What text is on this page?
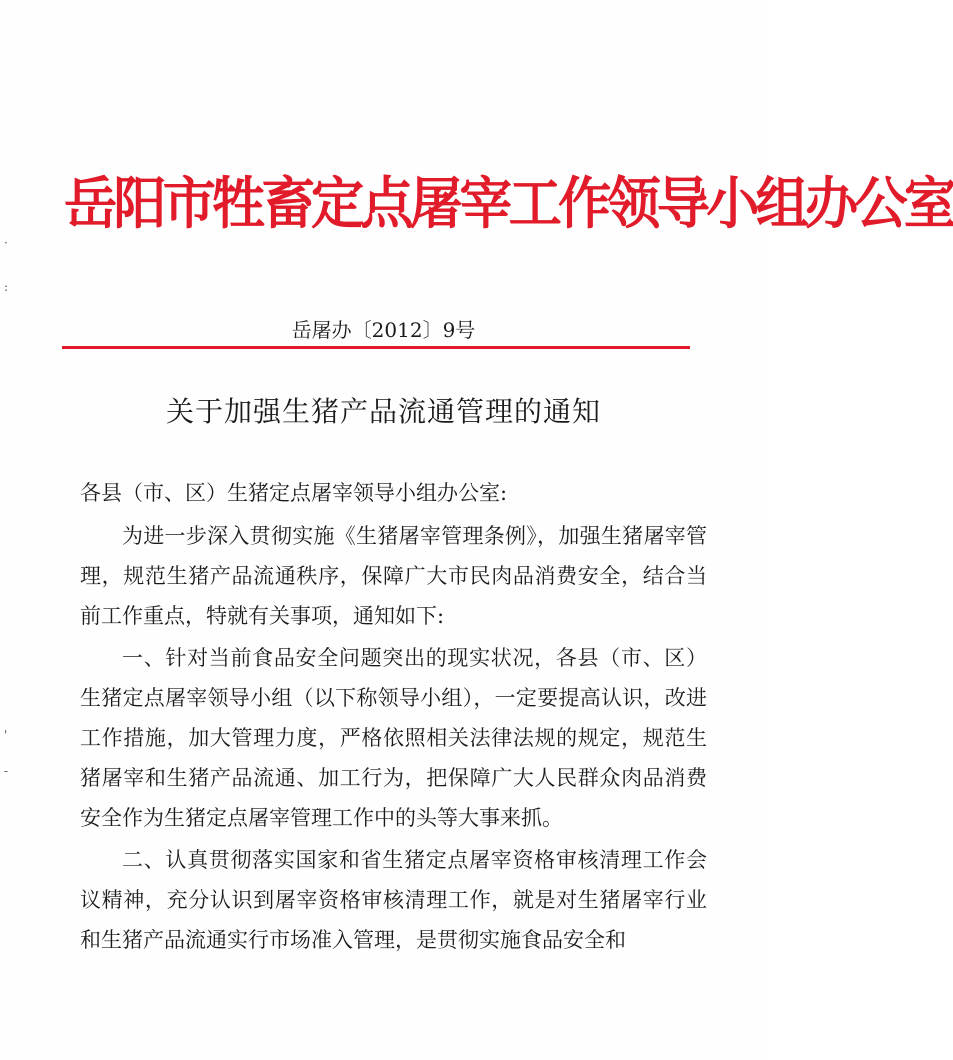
·
:
'
-
岳阳市牲畜定点屠宰工作领导小组办公室
岳屠办〔2012〕9号
关于加强生猪产品流通管理的通知
各县（市、区）生猪定点屠宰领导小组办公室:

为进一步深入贯彻实施《生猪屠宰管理条例》，加强生猪屠宰管理，规范生猪产品流通秩序，保障广大市民肉品消费安全，结合当前工作重点，特就有关事项，通知如下:

一、针对当前食品安全问题突出的现实状况，各县（市、区）生猪定点屠宰领导小组（以下称领导小组），一定要提高认识，改进工作措施，加大管理力度，严格依照相关法律法规的规定，规范生猪屠宰和生猪产品流通、加工行为，把保障广大人民群众肉品消费安全作为生猪定点屠宰管理工作中的头等大事来抓。

二、认真贯彻落实国家和省生猪定点屠宰资格审核清理工作会议精神，充分认识到屠宰资格审核清理工作，就是对生猪屠宰行业和生猪产品流通实行市场准入管理，是贯彻实施食品安全和
